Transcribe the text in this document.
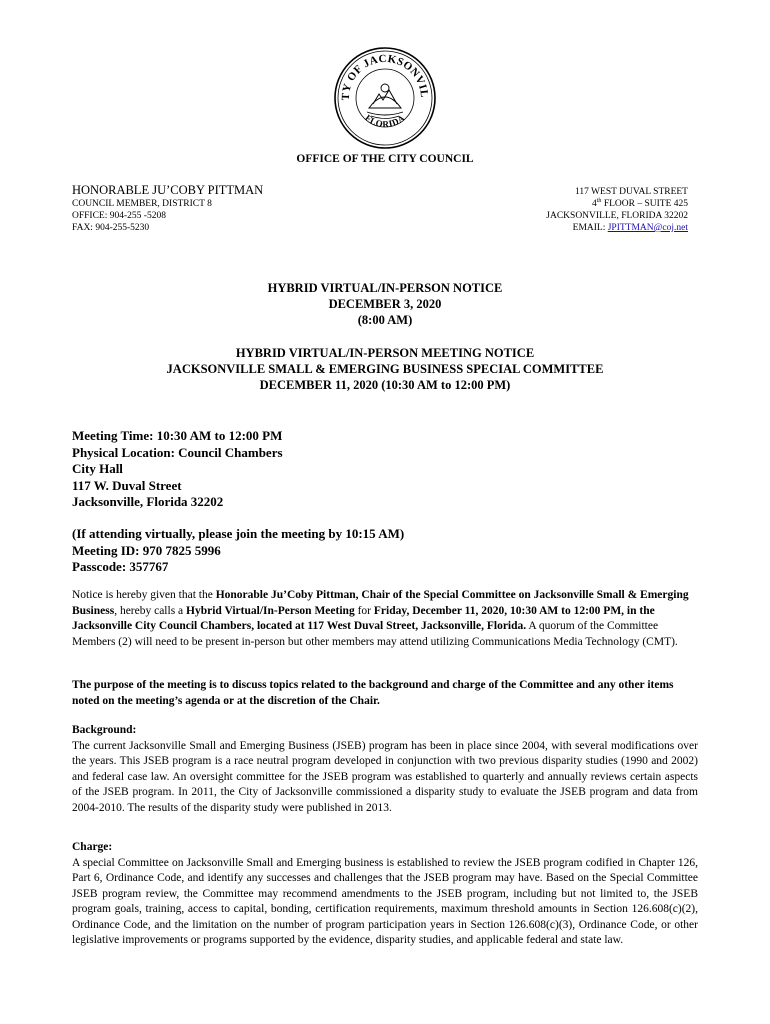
TY OF JACKSONVIL
FLORIDA
OFFICE OF THE CITY COUNCIL
HONORABLE JU’COBY PITTMAN
COUNCIL MEMBER, DISTRICT 8
OFFICE: 904-255 -5208
FAX: 904-255-5230
117 WEST DUVAL STREET
4th FLOOR – SUITE 425
JACKSONVILLE, FLORIDA 32202
EMAIL: JPITTMAN@coj.net
HYBRID VIRTUAL/IN-PERSON NOTICE
DECEMBER 3, 2020
(8:00 AM)
HYBRID VIRTUAL/IN-PERSON MEETING NOTICE
JACKSONVILLE SMALL & EMERGING BUSINESS SPECIAL COMMITTEE
DECEMBER 11, 2020 (10:30 AM to 12:00 PM)
Meeting Time: 10:30 AM to 12:00 PM
Physical Location: Council Chambers
City Hall
117 W. Duval Street
Jacksonville, Florida 32202
(If attending virtually, please join the meeting by 10:15 AM)
Meeting ID: 970 7825 5996
Passcode: 357767
Notice is hereby given that the Honorable Ju’Coby Pittman, Chair of the Special Committee on Jacksonville Small & Emerging Business, hereby calls a Hybrid Virtual/In-Person Meeting for Friday, December 11, 2020, 10:30 AM to 12:00 PM, in the Jacksonville City Council Chambers, located at 117 West Duval Street, Jacksonville, Florida. A quorum of the Committee Members (2) will need to be present in-person but other members may attend utilizing Communications Media Technology (CMT).
The purpose of the meeting is to discuss topics related to the background and charge of the Committee and any other items noted on the meeting’s agenda or at the discretion of the Chair.
Background:
The current Jacksonville Small and Emerging Business (JSEB) program has been in place since 2004, with several modifications over the years. This JSEB program is a race neutral program developed in conjunction with two previous disparity studies (1990 and 2002) and federal case law. An oversight committee for the JSEB program was established to quarterly and annually reviews certain aspects of the JSEB program. In 2011, the City of Jacksonville commissioned a disparity study to evaluate the JSEB program and data from 2004-2010. The results of the disparity study were published in 2013.
Charge:
A special Committee on Jacksonville Small and Emerging business is established to review the JSEB program codified in Chapter 126, Part 6, Ordinance Code, and identify any successes and challenges that the JSEB program may have. Based on the Special Committee JSEB program review, the Committee may recommend amendments to the JSEB program, including but not limited to, the JSEB program goals, training, access to capital, bonding, certification requirements, maximum threshold amounts in Section 126.608(c)(2), Ordinance Code, and the limitation on the number of program participation years in Section 126.608(c)(3), Ordinance Code, or other legislative improvements or programs supported by the evidence, disparity studies, and applicable federal and state law.
